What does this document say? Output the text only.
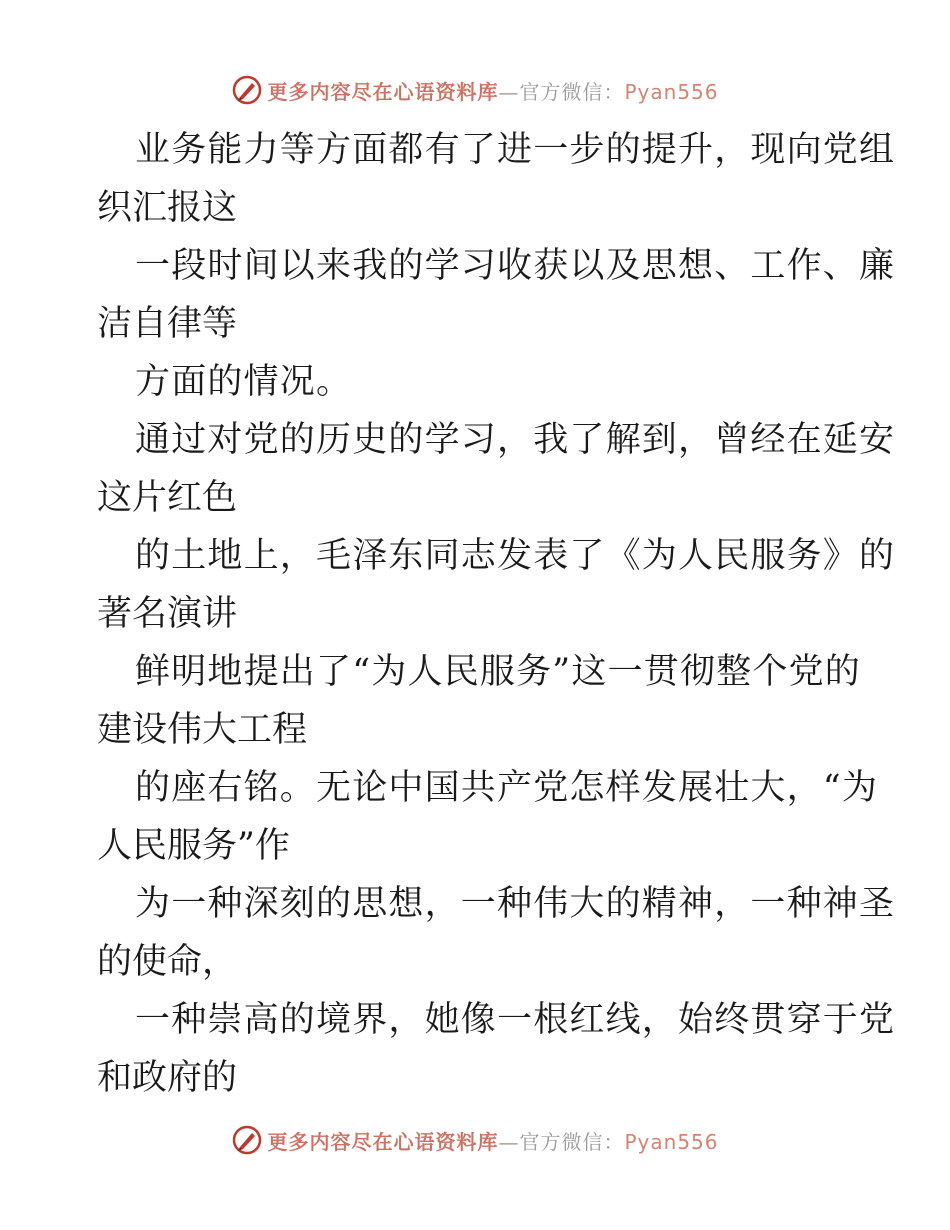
更多内容尽在心语资料库—官方微信：Pyan556

业务能力等方面都有了进一步的提升，现向党组

织汇报这

一段时间以来我的学习收获以及思想、工作、廉

洁自律等

方面的情况。

通过对党的历史的学习，我了解到，曾经在延安

这片红色

的土地上，毛泽东同志发表了《为人民服务》的

著名演讲

鲜明地提出了“为人民服务”这一贯彻整个党的

建设伟大工程

的座右铭。无论中国共产党怎样发展壮大，“为

人民服务”作

为一种深刻的思想，一种伟大的精神，一种神圣

的使命，

一种崇高的境界，她像一根红线，始终贯穿于党

和政府的

更多内容尽在心语资料库—官方微信：Pyan556
